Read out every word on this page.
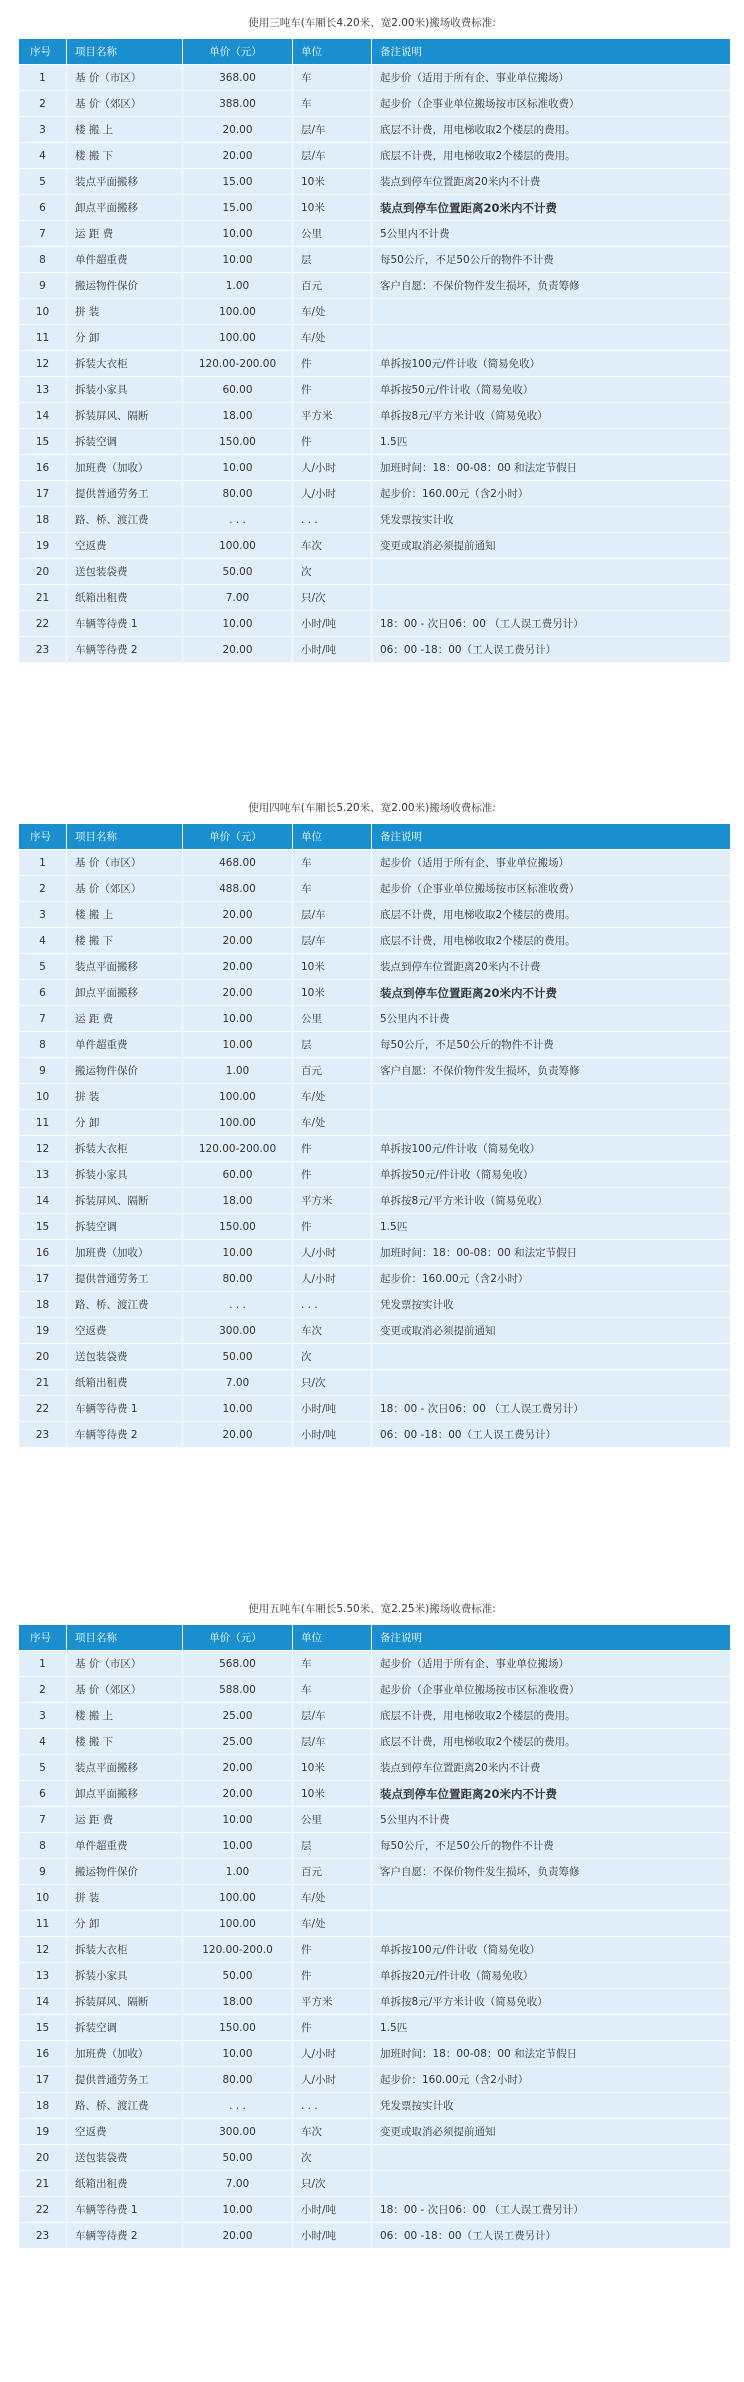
使用三吨车(车厢长4.20米、宽2.00米)搬场收费标准:
序号	项目名称	单价（元）	单位	备注说明
1	基 价（市区）	368.00	车	起步价（适用于所有企、事业单位搬场）
2	基 价（郊区）	388.00	车	起步价（企事业单位搬场按市区标准收费）
3	楼 搬 上	20.00	层/车	底层不计费，用电梯收取2个楼层的费用。
4	楼 搬 下	20.00	层/车	底层不计费，用电梯收取2个楼层的费用。
5	装点平面搬移	15.00	10米	装点到停车位置距离20米内不计费
6	卸点平面搬移	15.00	10米	装点到停车位置距离20米内不计费
7	运 距 费	10.00	公里	5公里内不计费
8	单件超重费	10.00	层	每50公斤，不足50公斤的物件不计费
9	搬运物件保价	1.00	百元	客户自愿：不保价物件发生损坏，负责筹修
10	拼 装	100.00	车/处	
11	分 卸	100.00	车/处	
12	拆装大衣柜	120.00-200.00	件	单拆按100元/件计收（简易免收）
13	拆装小家具	60.00	件	单拆按50元/件计收（简易免收）
14	拆装屏风、隔断	18.00	平方米	单拆按8元/平方米计收（简易免收）
15	拆装空调	150.00	件	1.5匹
16	加班费（加收）	10.00	人/小时	加班时间：18：00-08：00 和法定节假日
17	提供普通劳务工	80.00	人/小时	起步价：160.00元（含2小时）
18	路、桥、渡江费	. . .	. . .	凭发票按实计收
19	空返费	100.00	车次	变更或取消必须提前通知
20	送包装袋费	50.00	次	
21	纸箱出租费	7.00	只/次	
22	车辆等待费 1	10.00	小时/吨	18：00 - 次日06：00 （工人误工费另计）
23	车辆等待费 2	20.00	小时/吨	06：00 -18：00（工人误工费另计）
使用四吨车(车厢长5.20米、宽2.00米)搬场收费标准:
序号	项目名称	单价（元）	单位	备注说明
1	基 价（市区）	468.00	车	起步价（适用于所有企、事业单位搬场）
2	基 价（郊区）	488.00	车	起步价（企事业单位搬场按市区标准收费）
3	楼 搬 上	20.00	层/车	底层不计费，用电梯收取2个楼层的费用。
4	楼 搬 下	20.00	层/车	底层不计费，用电梯收取2个楼层的费用。
5	装点平面搬移	20.00	10米	装点到停车位置距离20米内不计费
6	卸点平面搬移	20.00	10米	装点到停车位置距离20米内不计费
7	运 距 费	10.00	公里	5公里内不计费
8	单件超重费	10.00	层	每50公斤，不足50公斤的物件不计费
9	搬运物件保价	1.00	百元	客户自愿：不保价物件发生损坏，负责筹修
10	拼 装	100.00	车/处	
11	分 卸	100.00	车/处	
12	拆装大衣柜	120.00-200.00	件	单拆按100元/件计收（简易免收）
13	拆装小家具	60.00	件	单拆按50元/件计收（简易免收）
14	拆装屏风、隔断	18.00	平方米	单拆按8元/平方米计收（简易免收）
15	拆装空调	150.00	件	1.5匹
16	加班费（加收）	10.00	人/小时	加班时间：18：00-08：00 和法定节假日
17	提供普通劳务工	80.00	人/小时	起步价：160.00元（含2小时）
18	路、桥、渡江费	. . .	. . .	凭发票按实计收
19	空返费	300.00	车次	变更或取消必须提前通知
20	送包装袋费	50.00	次	
21	纸箱出租费	7.00	只/次	
22	车辆等待费 1	10.00	小时/吨	18：00 - 次日06：00 （工人误工费另计）
23	车辆等待费 2	20.00	小时/吨	06：00 -18：00（工人误工费另计）
使用五吨车(车厢长5.50米、宽2.25米)搬场收费标准:
序号	项目名称	单价（元）	单位	备注说明
1	基 价（市区）	568.00	车	起步价（适用于所有企、事业单位搬场）
2	基 价（郊区）	588.00	车	起步价（企事业单位搬场按市区标准收费）
3	楼 搬 上	25.00	层/车	底层不计费，用电梯收取2个楼层的费用。
4	楼 搬 下	25.00	层/车	底层不计费，用电梯收取2个楼层的费用。
5	装点平面搬移	20.00	10米	装点到停车位置距离20米内不计费
6	卸点平面搬移	20.00	10米	装点到停车位置距离20米内不计费
7	运 距 费	10.00	公里	5公里内不计费
8	单件超重费	10.00	层	每50公斤，不足50公斤的物件不计费
9	搬运物件保价	1.00	百元	客户自愿：不保价物件发生损坏，负责筹修
10	拼 装	100.00	车/处	
11	分 卸	100.00	车/处	
12	拆装大衣柜	120.00-200.0	件	单拆按100元/件计收（简易免收）
13	拆装小家具	50.00	件	单拆按20元/件计收（简易免收）
14	拆装屏风、隔断	18.00	平方米	单拆按8元/平方米计收（简易免收）
15	拆装空调	150.00	件	1.5匹
16	加班费（加收）	10.00	人/小时	加班时间：18：00-08：00 和法定节假日
17	提供普通劳务工	80.00	人/小时	起步价：160.00元（含2小时）
18	路、桥、渡江费	. . .	. . .	凭发票按实计收
19	空返费	300.00	车次	变更或取消必须提前通知
20	送包装袋费	50.00	次	
21	纸箱出租费	7.00	只/次	
22	车辆等待费 1	10.00	小时/吨	18：00 - 次日06：00 （工人误工费另计）
23	车辆等待费 2	20.00	小时/吨	06：00 -18：00（工人误工费另计）
